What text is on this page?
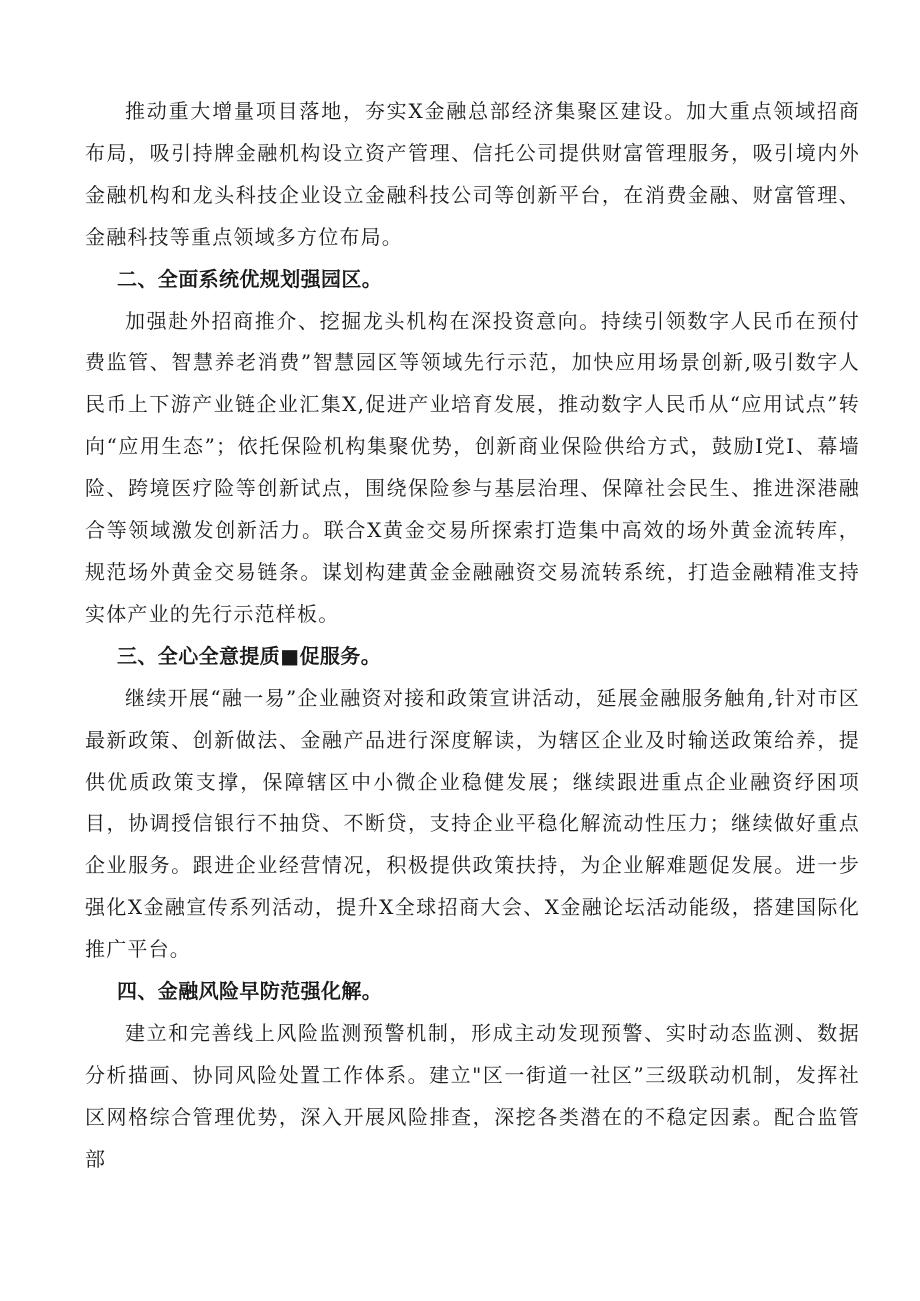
推动重大增量项目落地，夯实X金融总部经济集聚区建设。加大重点领域招商布局，吸引持牌金融机构设立资产管理、信托公司提供财富管理服务，吸引境内外金融机构和龙头科技企业设立金融科技公司等创新平台，在消费金融、财富管理、金融科技等重点领域多方位布局。

二、全面系统优规划强园区。

加强赴外招商推介、挖掘龙头机构在深投资意向。持续引领数字人民币在预付费监管、智慧养老消费”智慧园区等领域先行示范，加快应用场景创新,吸引数字人民币上下游产业链企业汇集X,促进产业培育发展，推动数字人民币从“应用试点”转向“应用生态”；依托保险机构集聚优势，创新商业保险供给方式，鼓励I党I、幕墙险、跨境医疗险等创新试点，围绕保险参与基层治理、保障社会民生、推进深港融合等领域激发创新活力。联合X黄金交易所探索打造集中高效的场外黄金流转库，规范场外黄金交易链条。谋划构建黄金金融融资交易流转系统，打造金融精准支持实体产业的先行示范样板。

三、全心全意提质■促服务。

继续开展“融一易”企业融资对接和政策宣讲活动，延展金融服务触角,针对市区最新政策、创新做法、金融产品进行深度解读，为辖区企业及时输送政策给养，提供优质政策支撑，保障辖区中小微企业稳健发展；继续跟进重点企业融资纾困项目，协调授信银行不抽贷、不断贷，支持企业平稳化解流动性压力；继续做好重点企业服务。跟进企业经营情况，积极提供政策扶持，为企业解难题促发展。进一步强化X金融宣传系列活动，提升X全球招商大会、X金融论坛活动能级，搭建国际化推广平台。

四、金融风险早防范强化解。

建立和完善线上风险监测预警机制，形成主动发现预警、实时动态监测、数据分析描画、协同风险处置工作体系。建立"区一街道一社区”三级联动机制，发挥社区网格综合管理优势，深入开展风险排查，深挖各类潜在的不稳定因素。配合监管部
